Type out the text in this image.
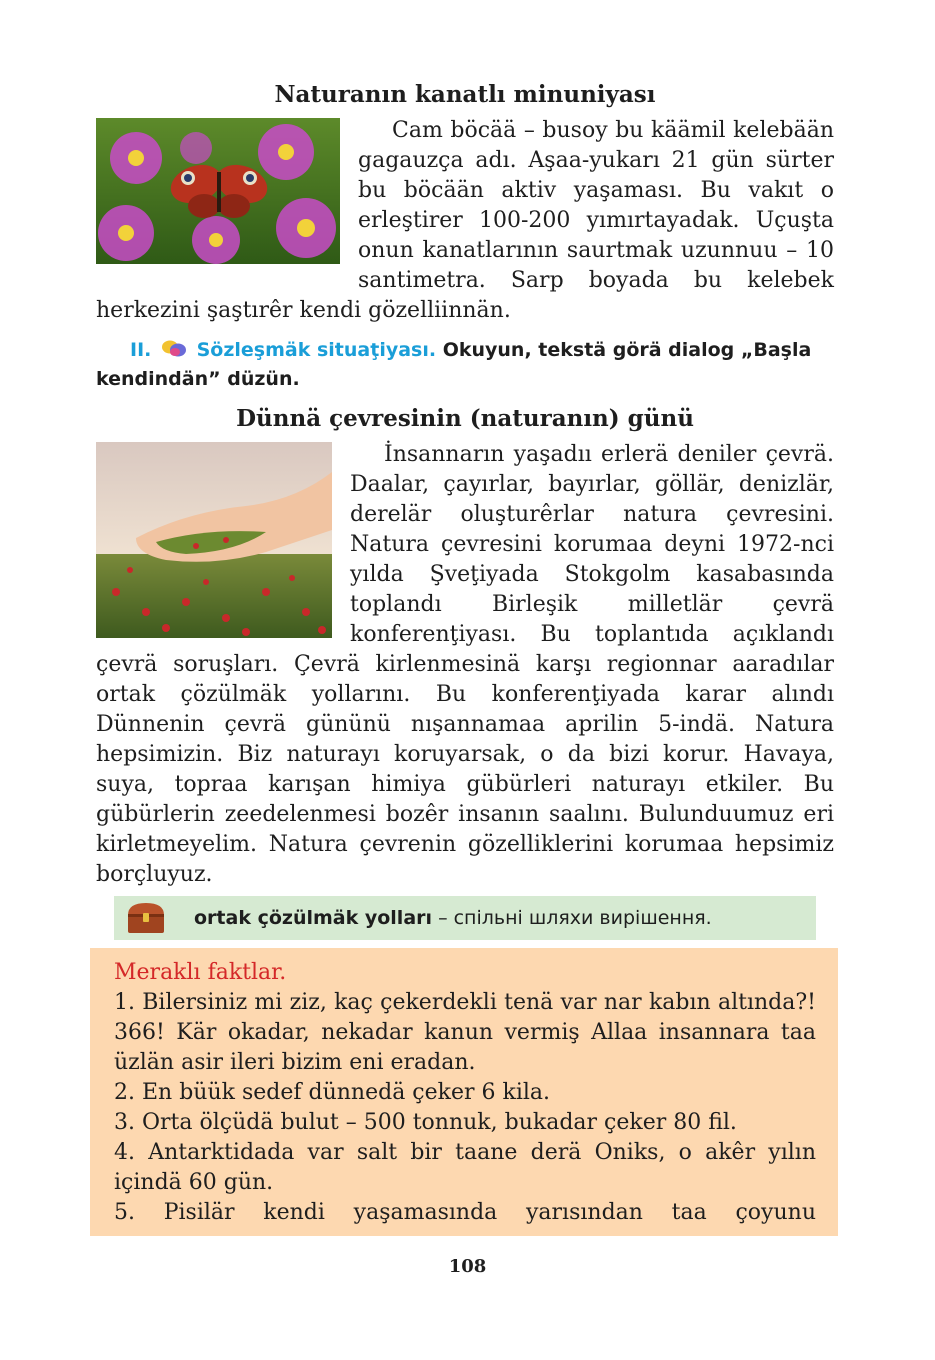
Naturanın kanatlı minuniyası

Cam böcää – busoy bu käämil kelebään gagauzça adı. Aşaa-yukarı 21 gün sürter bu böcään aktiv yaşaması. Bu vakıt o erleştirer 100-200 yımırtayadak. Uçuşta onun kanatlarının saurtmak uzunnuu – 10 santimetra. Sarp boyada bu kelebek herkezini şaştırêr kendi gözelliinnän.

II. Sözleşmäk situaţiyası. Okuyun, tekstä görä dialog „Başla kendindän” düzün.
Dünnä çevresinin (naturanın) günü

İnsannarın yaşadıı erlerä deniler çevrä. Daalar, çayırlar, bayırlar, göllär, denizlär, derelär oluşturêrlar natura çevresini. Natura çevresini korumaa deyni 1972-nci yılda Şveţiyada Stokgolm kasabasında toplandı Birleşik milletlär çevrä konferenţiyası. Bu toplantıda açıklandı çevrä soruşları. Çevrä kirlenmesinä karşı regionnar aaradılar ortak çözülmäk yollarını. Bu konferenţiyada karar alındı Dünnenin çevrä gününü nışannamaa aprilin 5-indä. Natura hepsimizin. Biz naturayı koruyarsak, o da bizi korur. Havaya, suya, topraa karışan himiya gübürleri naturayı etkiler. Bu gübürlerin zeedelenmesi bozêr insanın saalını. Bulunduumuz eri kirletmeyelim. Natura çevrenin gözelliklerini korumaa hepsimiz borçluyuz.

ortak çözülmäk yolları – спільні шляхи вирішення.
Meraklı faktlar.

1. Bilersiniz mi ziz, kaç çekerdekli tenä var nar kabın altında?! 366! Kär okadar, nekadar kanun vermiş Allaa insannara taa üzlän asir ileri bizim eni eradan.

2. En büük sedef dünnedä çeker 6 kila.

3. Orta ölçüdä bulut – 500 tonnuk, bukadar çeker 80 fil.

4. Antarktidada var salt bir taane derä Oniks, o akêr yılın içindä 60 gün.

5. Pisilär kendi yaşamasında yarısından taa çoyunu

108
